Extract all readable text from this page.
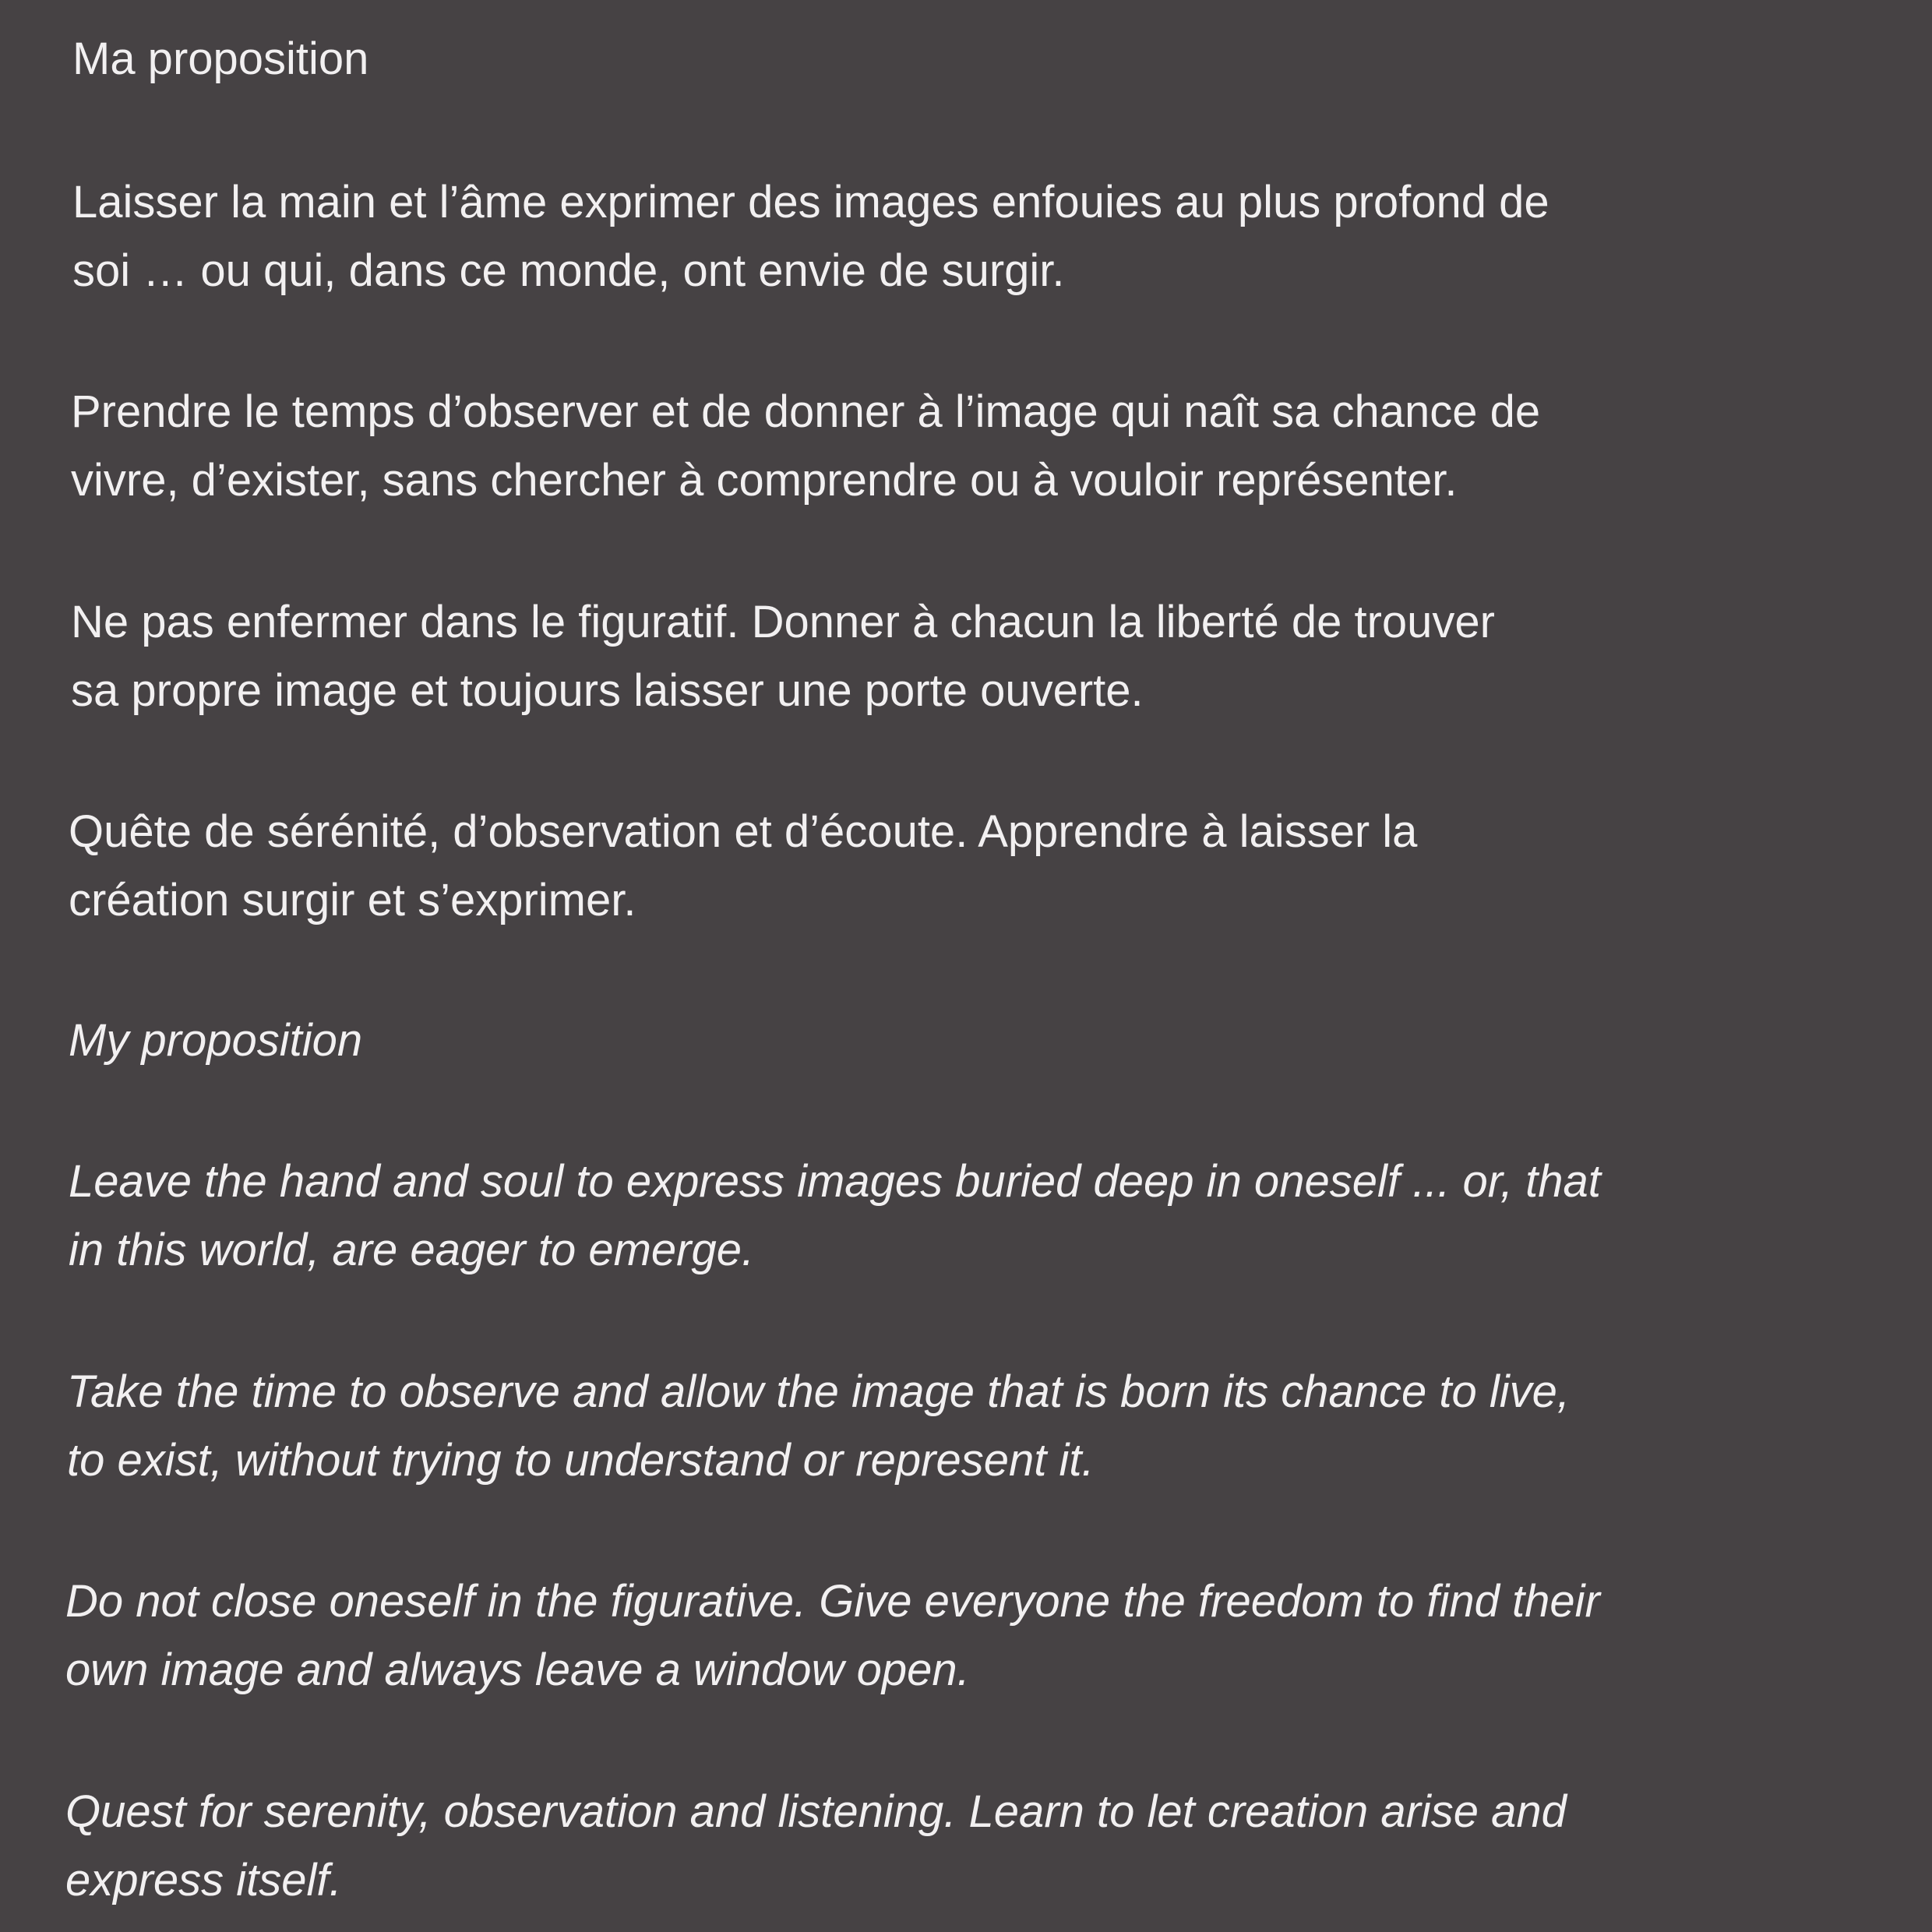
Ma proposition

Laisser la main et l’âme exprimer des images enfouies au plus profond de

soi … ou qui, dans ce monde, ont envie de surgir.

Prendre le temps d’observer et de donner à l’image qui naît sa chance de

vivre, d’exister, sans chercher à comprendre ou à vouloir représenter.

Ne pas enfermer dans le figuratif. Donner à chacun la liberté de trouver

sa propre image et toujours laisser une porte ouverte.

Quête de sérénité, d’observation et d’écoute. Apprendre à laisser la

création surgir et s’exprimer.

My proposition

Leave the hand and soul to express images buried deep in oneself ... or, that

in this world, are eager to emerge.

Take the time to observe and allow the image that is born its chance to live,

to exist, without trying to understand or represent it.

Do not close oneself in the figurative. Give everyone the freedom to find their

own image and always leave a window open.

Quest for serenity, observation and listening. Learn to let creation arise and

express itself.
